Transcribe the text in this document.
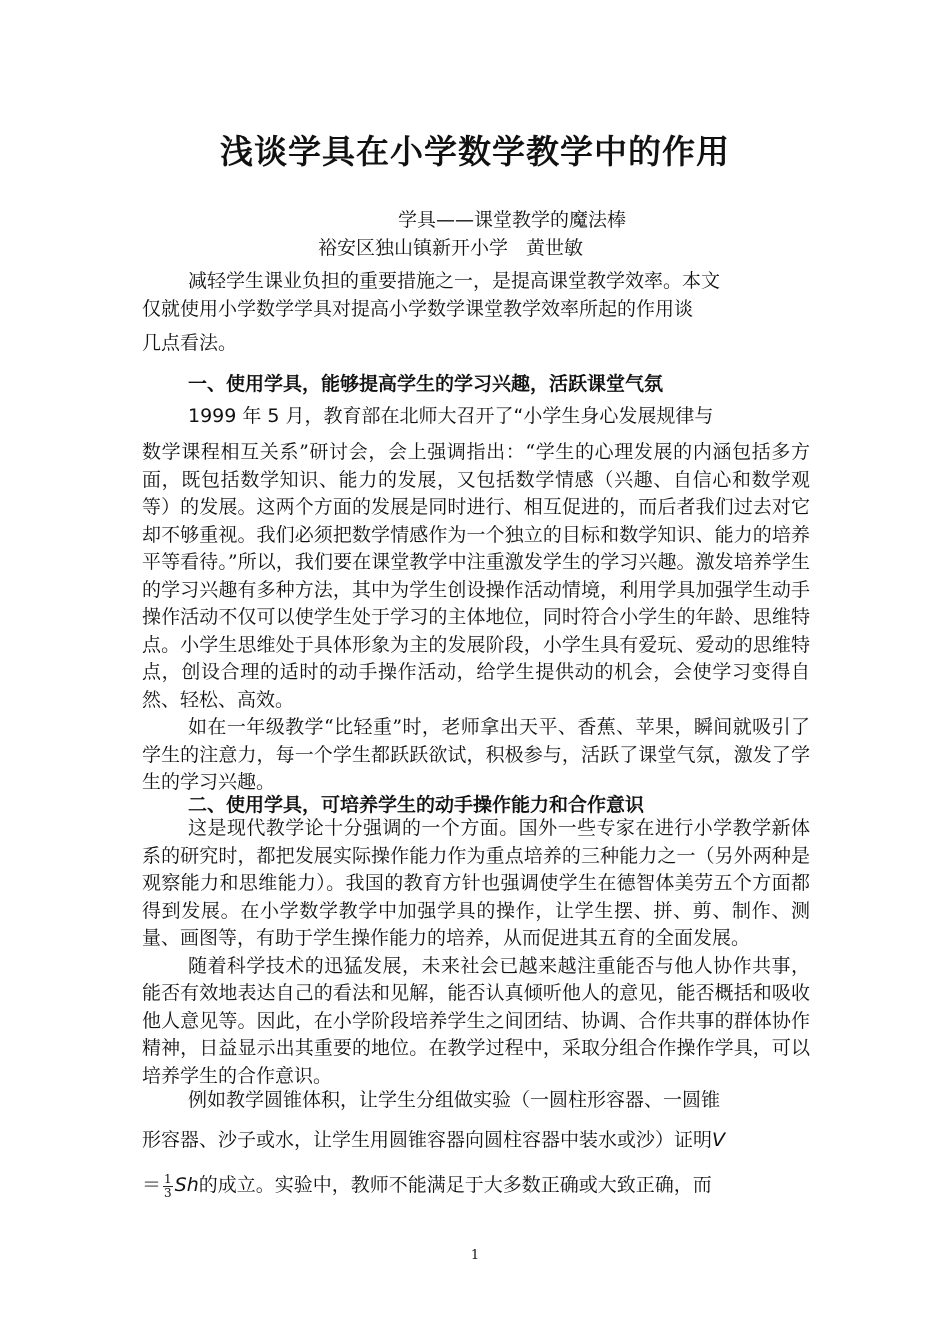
浅谈学具在小学数学教学中的作用
学具——课堂教学的魔法棒
裕安区独山镇新开小学 黄世敏
减轻学生课业负担的重要措施之一，是提高课堂教学效率。本文
仅就使用小学数学学具对提高小学数学课堂教学效率所起的作用谈
几点看法。
一、使用学具，能够提高学生的学习兴趣，活跃课堂气氛
1999 年 5 月，教育部在北师大召开了“小学生身心发展规律与

数学课程相互关系”研讨会，会上强调指出：“学生的心理发展的内涵包括多方面，既包括数学知识、能力的发展，又包括数学情感（兴趣、自信心和数学观等）的发展。这两个方面的发展是同时进行、相互促进的，而后者我们过去对它却不够重视。我们必须把数学情感作为一个独立的目标和数学知识、能力的培养平等看待。”所以，我们要在课堂教学中注重激发学生的学习兴趣。激发培养学生的学习兴趣有多种方法，其中为学生创设操作活动情境，利用学具加强学生动手操作活动不仅可以使学生处于学习的主体地位，同时符合小学生的年龄、思维特点。小学生思维处于具体形象为主的发展阶段，小学生具有爱玩、爱动的思维特点，创设合理的适时的动手操作活动，给学生提供动的机会，会使学习变得自然、轻松、高效。

如在一年级教学“比轻重”时，老师拿出天平、香蕉、苹果，瞬间就吸引了学生的注意力，每一个学生都跃跃欲试，积极参与，活跃了课堂气氛，激发了学生的学习兴趣。

二、使用学具，可培养学生的动手操作能力和合作意识

这是现代教学论十分强调的一个方面。国外一些专家在进行小学教学新体系的研究时，都把发展实际操作能力作为重点培养的三种能力之一（另外两种是观察能力和思维能力）。我国的教育方针也强调使学生在德智体美劳五个方面都得到发展。在小学数学教学中加强学具的操作，让学生摆、拼、剪、制作、测量、画图等，有助于学生操作能力的培养，从而促进其五育的全面发展。

随着科学技术的迅猛发展，未来社会已越来越注重能否与他人协作共事，能否有效地表达自己的看法和见解，能否认真倾听他人的意见，能否概括和吸收他人意见等。因此，在小学阶段培养学生之间团结、协调、合作共事的群体协作精神，日益显示出其重要的地位。在教学过程中，采取分组合作操作学具，可以培养学生的合作意识。

例如教学圆锥体积，让学生分组做实验（一圆柱形容器、一圆锥
形容器、沙子或水，让学生用圆锥容器向圆柱容器中装水或沙）证明V
＝ $\frac{1}{3}$ Sh的成立。实验中，教师不能满足于大多数正确或大致正确，而
1
